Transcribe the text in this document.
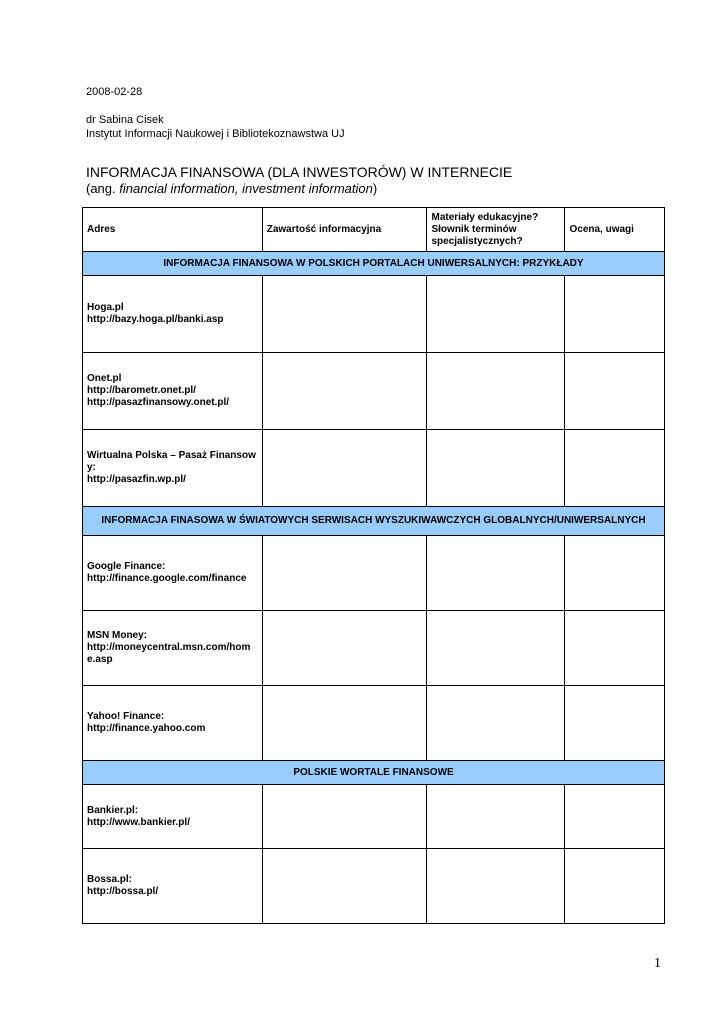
2008-02-28
dr Sabina Cisek
Instytut Informacji Naukowej i Bibliotekoznawstwa UJ
INFORMACJA FINANSOWA (DLA INWESTORÓW) W INTERNECIE
(ang. financial information, investment information)
Adres	Zawartość informacyjna	Materiały edukacyjne?
Słownik terminów
specjalistycznych?	Ocena, uwagi
INFORMACJA FINANSOWA W POLSKICH PORTALACH UNIWERSALNYCH: PRZYKŁADY			

Hoga.pl
http://bazy.hoga.pl/banki.asp			

Onet.pl
http://barometr.onet.pl/
http://pasazfinansowy.onet.pl/			

Wirtualna Polska – Pasaż Finansowy:
http://pasazfin.wp.pl/			

INFORMACJA FINASOWA W ŚWIATOWYCH SERWISACH WYSZUKIWAWCZYCH GLOBALNYCH/UNIWERSALNYCH			

Google Finance:
http://finance.google.com/finance			

MSN Money:
http://moneycentral.msn.com/home.asp			

Yahoo! Finance:
http://finance.yahoo.com			

POLSKIE WORTALE FINANSOWE			

Bankier.pl:
http://www.bankier.pl/			

Bossa.pl:
http://bossa.pl/			

1
